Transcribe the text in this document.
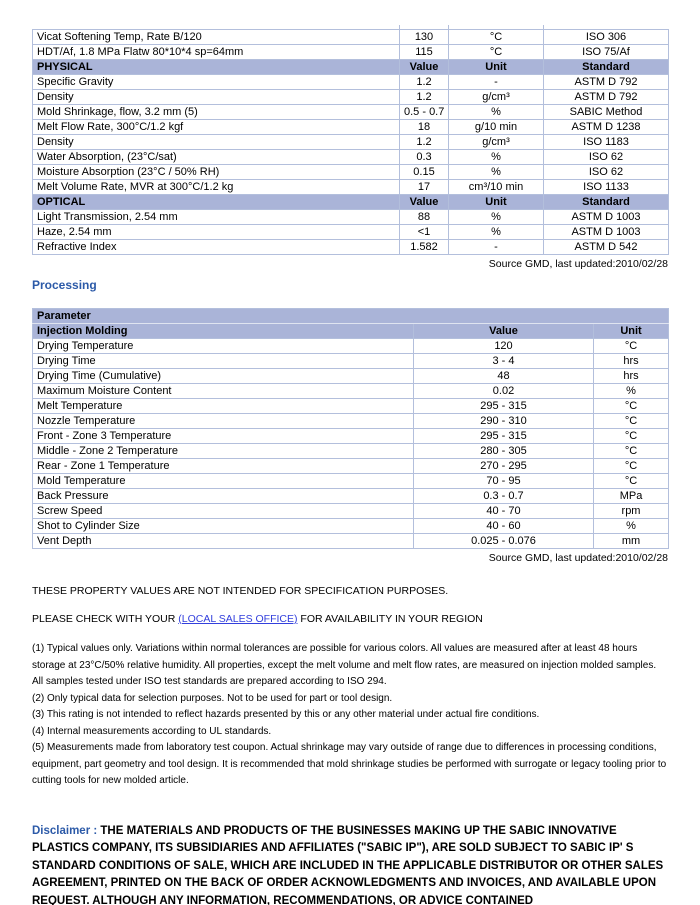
Vicat Softening Temp, Rate B/120	130	°C	ISO 306
HDT/Af, 1.8 MPa Flatw 80*10*4 sp=64mm	115	°C	ISO 75/Af
PHYSICAL	Value	Unit	Standard
Specific Gravity	1.2	-	ASTM D 792
Density	1.2	g/cm³	ASTM D 792
Mold Shrinkage, flow, 3.2 mm (5)	0.5 - 0.7	%	SABIC Method
Melt Flow Rate, 300°C/1.2 kgf	18	g/10 min	ASTM D 1238
Density	1.2	g/cm³	ISO 1183
Water Absorption, (23°C/sat)	0.3	%	ISO 62
Moisture Absorption (23°C / 50% RH)	0.15	%	ISO 62
Melt Volume Rate, MVR at 300°C/1.2 kg	17	cm³/10 min	ISO 1133
OPTICAL	Value	Unit	Standard
Light Transmission, 2.54 mm	88	%	ASTM D 1003
Haze, 2.54 mm	<1	%	ASTM D 1003
Refractive Index	1.582	-	ASTM D 542
Source GMD, last updated:2010/02/28
Processing
Parameter		
Injection Molding	Value	Unit
Drying Temperature	120	°C
Drying Time	3 - 4	hrs
Drying Time (Cumulative)	48	hrs
Maximum Moisture Content	0.02	%
Melt Temperature	295 - 315	°C
Nozzle Temperature	290 - 310	°C
Front - Zone 3 Temperature	295 - 315	°C
Middle - Zone 2 Temperature	280 - 305	°C
Rear - Zone 1 Temperature	270 - 295	°C
Mold Temperature	70 - 95	°C
Back Pressure	0.3 - 0.7	MPa
Screw Speed	40 - 70	rpm
Shot to Cylinder Size	40 - 60	%
Vent Depth	0.025 - 0.076	mm
Source GMD, last updated:2010/02/28
THESE PROPERTY VALUES ARE NOT INTENDED FOR SPECIFICATION PURPOSES.
PLEASE CHECK WITH YOUR (LOCAL SALES OFFICE) FOR AVAILABILITY IN YOUR REGION
(1) Typical values only. Variations within normal tolerances are possible for various colors. All values are measured after at least 48 hours storage at 23°C/50% relative humidity. All properties, except the melt volume and melt flow rates, are measured on injection molded samples. All samples tested under ISO test standards are prepared according to ISO 294.
(2) Only typical data for selection purposes. Not to be used for part or tool design.
(3) This rating is not intended to reflect hazards presented by this or any other material under actual fire conditions.
(4) Internal measurements according to UL standards.
(5) Measurements made from laboratory test coupon. Actual shrinkage may vary outside of range due to differences in processing conditions, equipment, part geometry and tool design. It is recommended that mold shrinkage studies be performed with surrogate or legacy tooling prior to cutting tools for new molded article.
Disclaimer : THE MATERIALS AND PRODUCTS OF THE BUSINESSES MAKING UP THE SABIC INNOVATIVE PLASTICS COMPANY, ITS SUBSIDIARIES AND AFFILIATES ("SABIC IP"), ARE SOLD SUBJECT TO SABIC IP' S STANDARD CONDITIONS OF SALE, WHICH ARE INCLUDED IN THE APPLICABLE DISTRIBUTOR OR OTHER SALES AGREEMENT, PRINTED ON THE BACK OF ORDER ACKNOWLEDGMENTS AND INVOICES, AND AVAILABLE UPON REQUEST. ALTHOUGH ANY INFORMATION, RECOMMENDATIONS, OR ADVICE CONTAINED
